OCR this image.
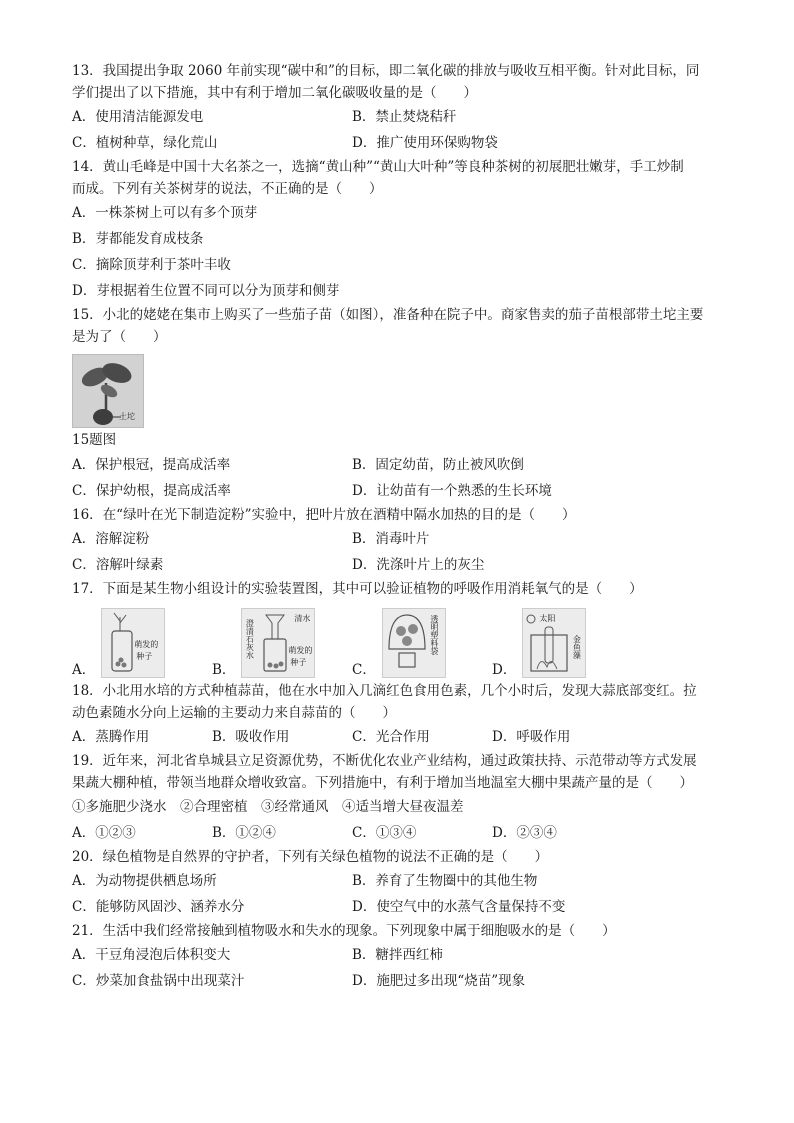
13．我国提出争取 2060 年前实现“碳中和”的目标，即二氧化碳的排放与吸收互相平衡。针对此目标，同
学们提出了以下措施，其中有利于增加二氧化碳吸收量的是（　　）
A．使用清洁能源发电	B．禁止焚烧秸秆
C．植树种草，绿化荒山	D．推广使用环保购物袋
14．黄山毛峰是中国十大名茶之一，选摘“黄山种”“黄山大叶种”等良种茶树的初展肥壮嫩芽，手工炒制
而成。下列有关茶树芽的说法，不正确的是（　　）
A．一株茶树上可以有多个顶芽
B．芽都能发育成枝条
C．摘除顶芽利于茶叶丰收
D．芽根据着生位置不同可以分为顶芽和侧芽
15．小北的姥姥在集市上购买了一些茄子苗（如图），准备种在院子中。商家售卖的茄子苗根部带土坨主要
是为了（　　）
土坨
15题图
A．保护根冠，提高成活率	B．固定幼苗，防止被风吹倒
C．保护幼根，提高成活率	D．让幼苗有一个熟悉的生长环境
16．在“绿叶在光下制造淀粉”实验中，把叶片放在酒精中隔水加热的目的是（　　）
A．溶解淀粉	B．消毒叶片
C．溶解叶绿素	D．洗涤叶片上的灰尘
17．下面是某生物小组设计的实验装置图，其中可以验证植物的呼吸作用消耗氧气的是（　　）
A．
萌发的
种子
B．
澄清石灰水
清水
萌发的
种子	C．
透明塑料袋
D．
太阳
金鱼藻
18．小北用水培的方式种植蒜苗，他在水中加入几滴红色食用色素，几个小时后，发现大蒜底部变红。拉
动色素随水分向上运输的主要动力来自蒜苗的（　　）
A．蒸腾作用	B．吸收作用	C．光合作用	D．呼吸作用
19．近年来，河北省阜城县立足资源优势，不断优化农业产业结构，通过政策扶持、示范带动等方式发展
果蔬大棚种植，带领当地群众增收致富。下列措施中，有利于增加当地温室大棚中果蔬产量的是（　　）
①多施肥少浇水　②合理密植　③经常通风　④适当增大昼夜温差
A．①②③	B．①②④	C．①③④	D．②③④
20．绿色植物是自然界的守护者，下列有关绿色植物的说法不正确的是（　　）
A．为动物提供栖息场所	B．养育了生物圈中的其他生物
C．能够防风固沙、涵养水分	D．使空气中的水蒸气含量保持不变
21．生活中我们经常接触到植物吸水和失水的现象。下列现象中属于细胞吸水的是（　　）
A．干豆角浸泡后体积变大	B．糖拌西红柿
C．炒菜加食盐锅中出现菜汁	D．施肥过多出现“烧苗”现象
